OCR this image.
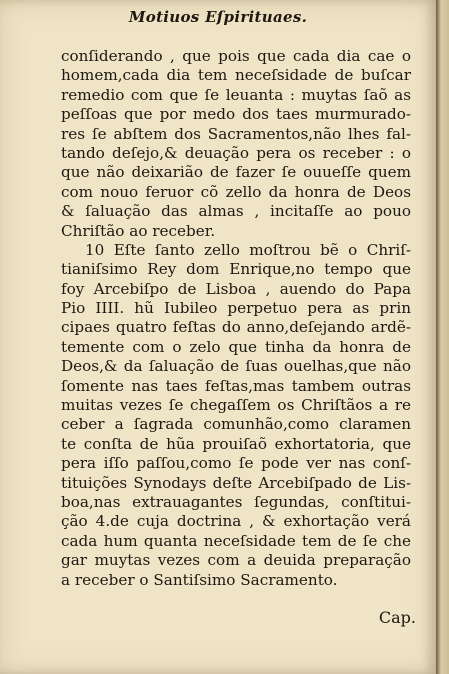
Motiuos Eſpirituaes.
conſiderando , que pois que cada dia cae o
homem,cada dia tem neceſsidade de buſcar
remedio com que ſe leuanta : muytas ſaõ as
peſſoas que por medo dos taes murmurado-
res ſe abſtem dos Sacramentos,não lhes fal-
tando deſejo,& deuação pera os receber : o
que não deixarião de fazer ſe ouueſſe quem
com nouo feruor cõ zello da honra de Deos
& ſaluação das almas , incitaſſe ao pouo
Chriſtão ao receber.
10 Eſte ſanto zello moſtrou bẽ o Chriſ-
tianiſsimo Rey dom Enrique,no tempo que
foy Arcebiſpo de Lisboa , auendo do Papa
Pio IIII. hũ Iubileo perpetuo pera as prin
cipaes quatro feſtas do anno,deſejando ardẽ-
temente com o zelo que tinha da honra de
Deos,& da ſaluação de ſuas ouelhas,que não
ſomente nas taes feſtas,mas tambem outras
muitas vezes ſe chegaſſem os Chriſtãos a re
ceber a ſagrada comunhão,como claramen
te conſta de hũa prouiſaõ exhortatoria, que
pera iſſo paſſou,como ſe pode ver nas conſ-
tituições Synodays deſte Arcebiſpado de Lis-
boa,nas extrauagantes ſegundas, conſtitui-
ção 4.de cuja doctrina , & exhortação verá
cada hum quanta neceſsidade tem de ſe che
gar muytas vezes com a deuida preparação
a receber o Santiſsimo Sacramento.
Cap.
